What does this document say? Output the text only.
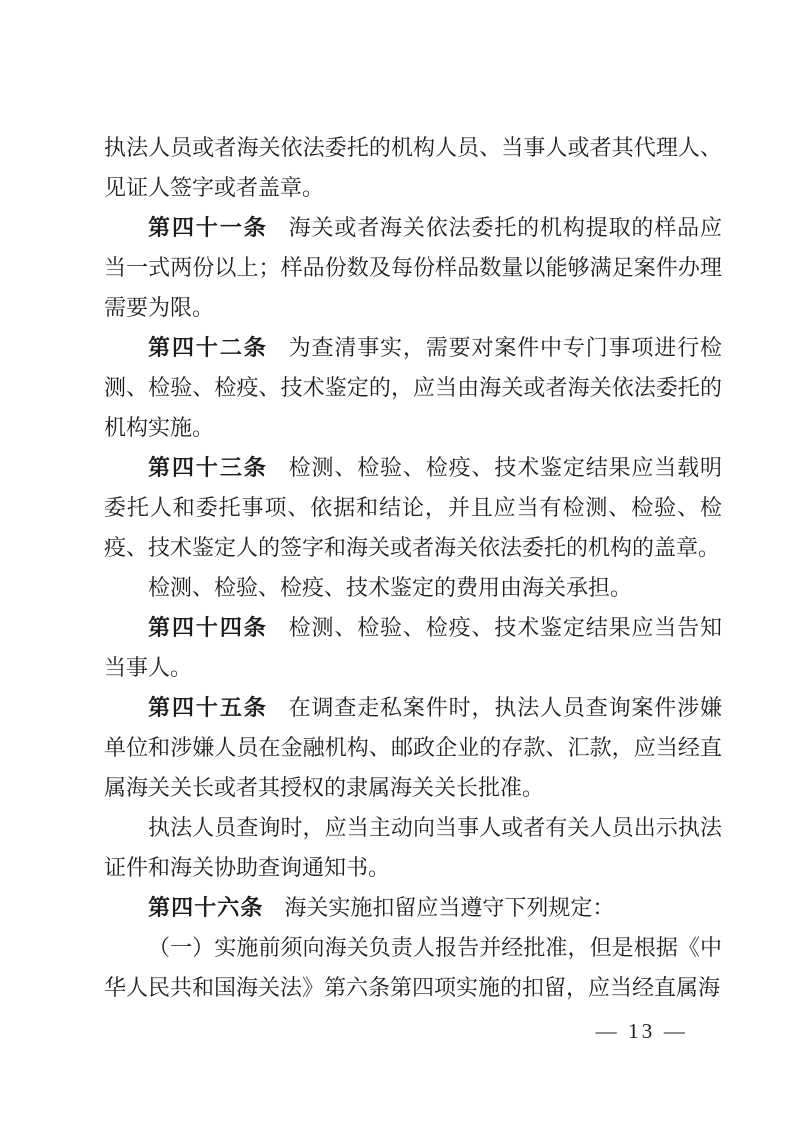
执法人员或者海关依法委托的机构人员、当事人或者其代理人、见证人签字或者盖章。
第四十一条 海关或者海关依法委托的机构提取的样品应当一式两份以上；样品份数及每份样品数量以能够满足案件办理需要为限。
第四十二条 为查清事实，需要对案件中专门事项进行检测、检验、检疫、技术鉴定的，应当由海关或者海关依法委托的机构实施。
第四十三条 检测、检验、检疫、技术鉴定结果应当载明委托人和委托事项、依据和结论，并且应当有检测、检验、检疫、技术鉴定人的签字和海关或者海关依法委托的机构的盖章。
检测、检验、检疫、技术鉴定的费用由海关承担。
第四十四条 检测、检验、检疫、技术鉴定结果应当告知当事人。
第四十五条 在调查走私案件时，执法人员查询案件涉嫌单位和涉嫌人员在金融机构、邮政企业的存款、汇款，应当经直属海关关长或者其授权的隶属海关关长批准。
执法人员查询时，应当主动向当事人或者有关人员出示执法证件和海关协助查询通知书。
第四十六条 海关实施扣留应当遵守下列规定：
（一）实施前须向海关负责人报告并经批准，但是根据《中华人民共和国海关法》第六条第四项实施的扣留，应当经直属海
— 13 —
